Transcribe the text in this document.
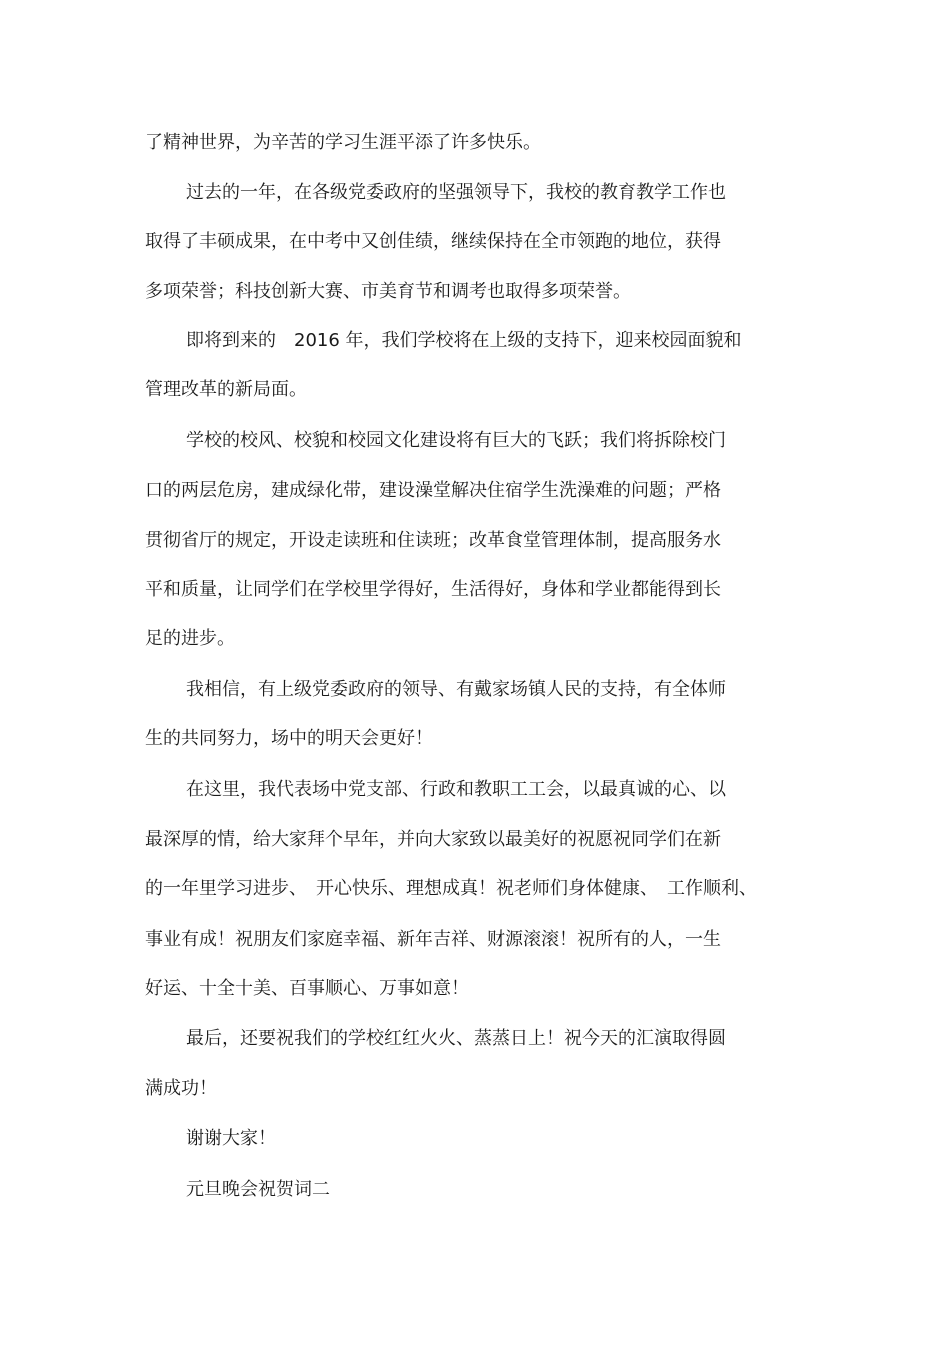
了精神世界，为辛苦的学习生涯平添了许多快乐。
过去的一年，在各级党委政府的坚强领导下，我校的教育教学工作也
取得了丰硕成果，在中考中又创佳绩，继续保持在全市领跑的地位，获得
多项荣誉；科技创新大赛、市美育节和调考也取得多项荣誉。
即将到来的　2016 年，我们学校将在上级的支持下，迎来校园面貌和
管理改革的新局面。
学校的校风、校貌和校园文化建设将有巨大的飞跃；我们将拆除校门
口的两层危房，建成绿化带，建设澡堂解决住宿学生洗澡难的问题；严格
贯彻省厅的规定，开设走读班和住读班；改革食堂管理体制，提高服务水
平和质量，让同学们在学校里学得好，生活得好，身体和学业都能得到长
足的进步。
我相信，有上级党委政府的领导、有戴家场镇人民的支持，有全体师
生的共同努力，场中的明天会更好！
在这里，我代表场中党支部、行政和教职工工会，以最真诚的心、以
最深厚的情，给大家拜个早年，并向大家致以最美好的祝愿祝同学们在新
的一年里学习进步、　开心快乐、理想成真！祝老师们身体健康、　工作顺利、
事业有成！祝朋友们家庭幸福、新年吉祥、财源滚滚！祝所有的人，一生
好运、十全十美、百事顺心、万事如意！
最后，还要祝我们的学校红红火火、蒸蒸日上！祝今天的汇演取得圆
满成功！
谢谢大家！
元旦晚会祝贺词二
